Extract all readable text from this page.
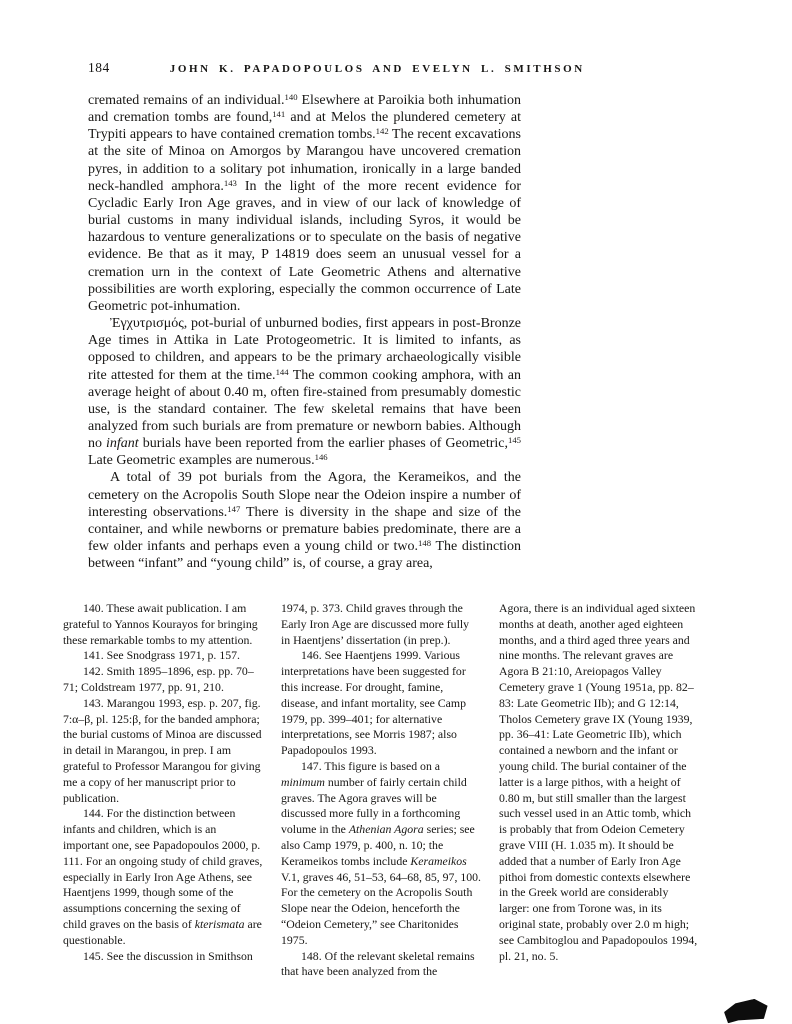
184	JOHN K. PAPADOPOULOS AND EVELYN L. SMITHSON

cremated remains of an individual.$^{140}$ Elsewhere at Paroikia both inhumation and cremation tombs are found,$^{141}$ and at Melos the plundered cemetery at Trypiti appears to have contained cremation tombs.$^{142}$ The recent excavations at the site of Minoa on Amorgos by Marangou have uncovered cremation pyres, in addition to a solitary pot inhumation, ironically in a large banded neck-handled amphora.$^{143}$ In the light of the more recent evidence for Cycladic Early Iron Age graves, and in view of our lack of knowledge of burial customs in many individual islands, including Syros, it would be hazardous to venture generalizations or to speculate on the basis of negative evidence. Be that as it may, P 14819 does seem an unusual vessel for a cremation urn in the context of Late Geometric Athens and alternative possibilities are worth exploring, especially the common occurrence of Late Geometric pot-inhumation.

Ἐγχυτρισμός, pot-burial of unburned bodies, first appears in post-Bronze Age times in Attika in Late Protogeometric. It is limited to infants, as opposed to children, and appears to be the primary archaeologically visible rite attested for them at the time.$^{144}$ The common cooking amphora, with an average height of about 0.40 m, often fire-stained from presumably domestic use, is the standard container. The few skeletal remains that have been analyzed from such burials are from premature or newborn babies. Although no infant burials have been reported from the earlier phases of Geometric,$^{145}$ Late Geometric examples are numerous.$^{146}$

A total of 39 pot burials from the Agora, the Kerameikos, and the cemetery on the Acropolis South Slope near the Odeion inspire a number of interesting observations.$^{147}$ There is diversity in the shape and size of the container, and while newborns or premature babies predominate, there are a few older infants and perhaps even a young child or two.$^{148}$ The distinction between “infant” and “young child” is, of course, a gray area,

140. These await publication. I am grateful to Yannos Kourayos for bringing these remarkable tombs to my attention.

141. See Snodgrass 1971, p. 157.

142. Smith 1895–1896, esp. pp. 70–71; Coldstream 1977, pp. 91, 210.

143. Marangou 1993, esp. p. 207, fig. 7:α–β, pl. 125:β, for the banded amphora; the burial customs of Minoa are discussed in detail in Marangou, in prep. I am grateful to Professor Marangou for giving me a copy of her manuscript prior to publication.

144. For the distinction between infants and children, which is an important one, see Papadopoulos 2000, p. 111. For an ongoing study of child graves, especially in Early Iron Age Athens, see Haentjens 1999, though some of the assumptions concerning the sexing of child graves on the basis of kterismata are questionable.

145. See the discussion in Smithson

1974, p. 373. Child graves through the Early Iron Age are discussed more fully in Haentjens’ dissertation (in prep.).

146. See Haentjens 1999. Various interpretations have been suggested for this increase. For drought, famine, disease, and infant mortality, see Camp 1979, pp. 399–401; for alternative interpretations, see Morris 1987; also Papadopoulos 1993.

147. This figure is based on a minimum number of fairly certain child graves. The Agora graves will be discussed more fully in a forthcoming volume in the Athenian Agora series; see also Camp 1979, p. 400, n. 10; the Kerameikos tombs include Kerameikos V.1, graves 46, 51–53, 64–68, 85, 97, 100. For the cemetery on the Acropolis South Slope near the Odeion, henceforth the “Odeion Cemetery,” see Charitonides 1975.

148. Of the relevant skeletal remains that have been analyzed from the

Agora, there is an individual aged sixteen months at death, another aged eighteen months, and a third aged three years and nine months. The relevant graves are Agora B 21:10, Areiopagos Valley Cemetery grave 1 (Young 1951a, pp. 82–83: Late Geometric IIb); and G 12:14, Tholos Cemetery grave IX (Young 1939, pp. 36–41: Late Geometric IIb), which contained a newborn and the infant or young child. The burial container of the latter is a large pithos, with a height of 0.80 m, but still smaller than the largest such vessel used in an Attic tomb, which is probably that from Odeion Cemetery grave VIII (H. 1.035 m). It should be added that a number of Early Iron Age pithoi from domestic contexts elsewhere in the Greek world are considerably larger: one from Torone was, in its original state, probably over 2.0 m high; see Cambitoglou and Papadopoulos 1994, pl. 21, no. 5.
